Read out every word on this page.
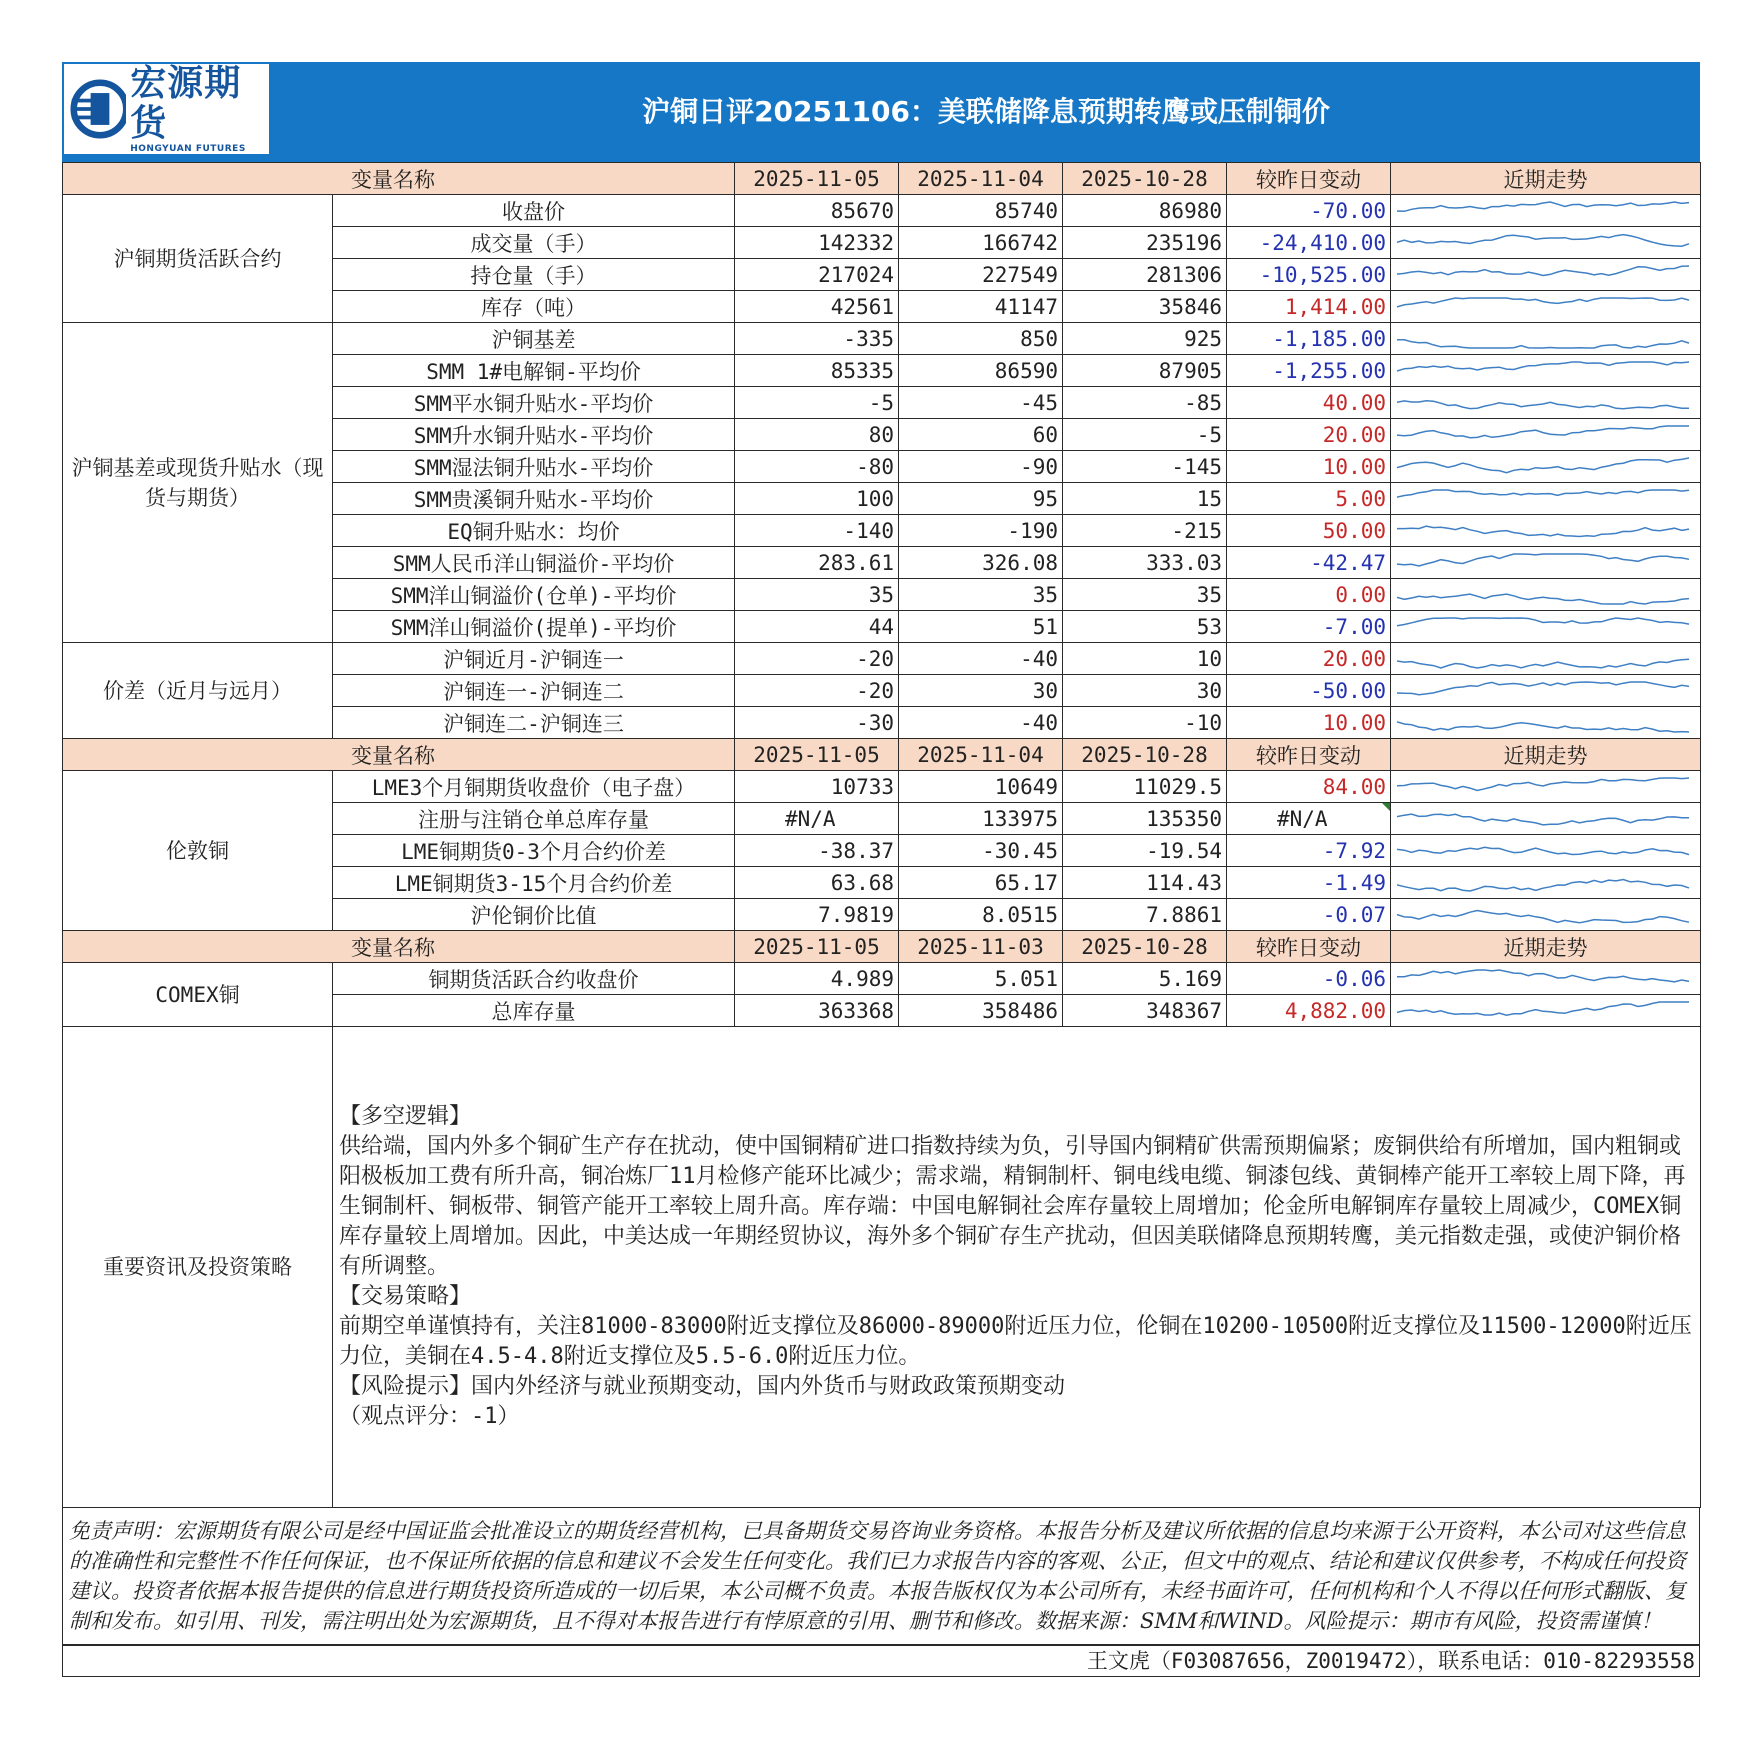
宏源期货
HONGYUAN FUTURES
沪铜日评20251106：美联储降息预期转鹰或压制铜价
变量名称		2025-11-05	2025-11-04	2025-10-28	较昨日变动	近期走势
沪铜期货活跃合约	收盘价	85670	85740	86980	-70.00	

	成交量（手）	142332	166742	235196	-24,410.00	

	持仓量（手）	217024	227549	281306	-10,525.00	

	库存（吨）	42561	41147	35846	1,414.00	

沪铜基差或现货升贴水（现货与期货）	沪铜基差	-335	850	925	-1,185.00	

	SMM 1#电解铜-平均价	85335	86590	87905	-1,255.00	

	SMM平水铜升贴水-平均价	-5	-45	-85	40.00	

	SMM升水铜升贴水-平均价	80	60	-5	20.00	

	SMM湿法铜升贴水-平均价	-80	-90	-145	10.00	

	SMM贵溪铜升贴水-平均价	100	95	15	5.00	

	EQ铜升贴水：均价	-140	-190	-215	50.00	

	SMM人民币洋山铜溢价-平均价	283.61	326.08	333.03	-42.47	

	SMM洋山铜溢价(仓单)-平均价	35	35	35	0.00	

	SMM洋山铜溢价(提单)-平均价	44	51	53	-7.00	

价差（近月与远月）	沪铜近月-沪铜连一	-20	-40	10	20.00	

	沪铜连一-沪铜连二	-20	30	30	-50.00	

	沪铜连二-沪铜连三	-30	-40	-10	10.00	

变量名称		2025-11-05	2025-11-04	2025-10-28	较昨日变动	近期走势
伦敦铜	LME3个月铜期货收盘价（电子盘）	10733	10649	11029.5	84.00	

	注册与注销仓单总库存量	#N/A	133975	135350	#N/A	

	LME铜期货0-3个月合约价差	-38.37	-30.45	-19.54	-7.92	

	LME铜期货3-15个月合约价差	63.68	65.17	114.43	-1.49	

	沪伦铜价比值	7.9819	8.0515	7.8861	-0.07	

变量名称		2025-11-05	2025-11-03	2025-10-28	较昨日变动	近期走势
COMEX铜	铜期货活跃合约收盘价	4.989	5.051	5.169	-0.06	

	总库存量	363368	358486	348367	4,882.00	
重要资讯及投资策略	
【多空逻辑】
供给端，国内外多个铜矿生产存在扰动，使中国铜精矿进口指数持续为负，引导国内铜精矿供需预期偏紧；废铜供给有所增加，国内粗铜或阳极板加工费有所升高，铜冶炼厂11月检修产能环比减少；需求端，精铜制杆、铜电线电缆、铜漆包线、黄铜棒产能开工率较上周下降，再生铜制杆、铜板带、铜管产能开工率较上周升高。库存端：中国电解铜社会库存量较上周增加；伦金所电解铜库存量较上周减少，COMEX铜库存量较上周增加。因此，中美达成一年期经贸协议，海外多个铜矿存生产扰动，但因美联储降息预期转鹰，美元指数走强，或使沪铜价格有所调整。
【交易策略】
前期空单谨慎持有，关注81000-83000附近支撑位及86000-89000附近压力位，伦铜在10200-10500附近支撑位及11500-12000附近压力位，美铜在4.5-4.8附近支撑位及5.5-6.0附近压力位。
【风险提示】国内外经济与就业预期变动，国内外货币与财政政策预期变动
（观点评分：-1）
免责声明：宏源期货有限公司是经中国证监会批准设立的期货经营机构，已具备期货交易咨询业务资格。本报告分析及建议所依据的信息均来源于公开资料，本公司对这些信息的准确性和完整性不作任何保证，也不保证所依据的信息和建议不会发生任何变化。我们已力求报告内容的客观、公正，但文中的观点、结论和建议仅供参考，不构成任何投资建议。投资者依据本报告提供的信息进行期货投资所造成的一切后果，本公司概不负责。本报告版权仅为本公司所有，未经书面许可，任何机构和个人不得以任何形式翻版、复制和发布。如引用、刊发，需注明出处为宏源期货，且不得对本报告进行有悖原意的引用、删节和修改。数据来源：SMM和WIND。风险提示：期市有风险，投资需谨慎！
王文虎（F03087656，Z0019472），联系电话：010-82293558
